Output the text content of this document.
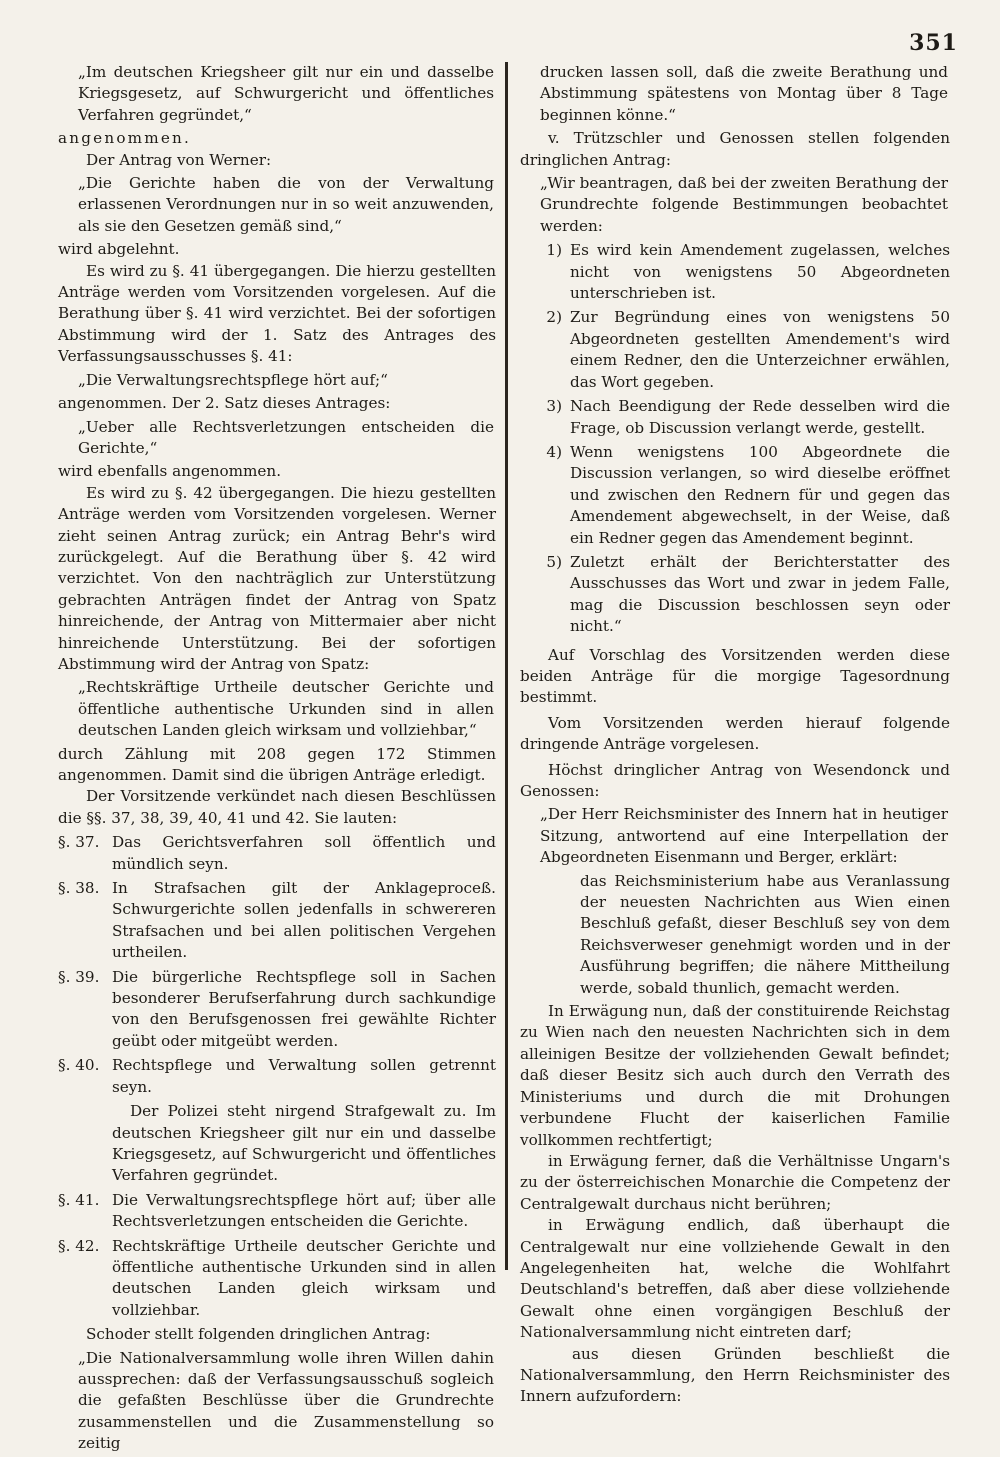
351

„Im deutschen Kriegsheer gilt nur ein und dasselbe Kriegsgesetz, auf Schwurgericht und öffentliches Verfahren gegründet,“

angenommen.

Der Antrag von Werner:

„Die Gerichte haben die von der Verwaltung erlassenen Verordnungen nur in so weit anzuwenden, als sie den Gesetzen gemäß sind,“

wird abgelehnt.

Es wird zu §. 41 übergegangen. Die hierzu gestellten Anträge werden vom Vorsitzenden vorgelesen. Auf die Berathung über §. 41 wird verzichtet. Bei der sofortigen Abstimmung wird der 1. Satz des Antrages des Verfassungsausschusses §. 41:

„Die Verwaltungsrechtspflege hört auf;“

angenommen. Der 2. Satz dieses Antrages:

„Ueber alle Rechtsverletzungen entscheiden die Gerichte,“

wird ebenfalls angenommen.

Es wird zu §. 42 übergegangen. Die hiezu gestellten Anträge werden vom Vorsitzenden vorgelesen. Werner zieht seinen Antrag zurück; ein Antrag Behr's wird zurückgelegt. Auf die Berathung über §. 42 wird verzichtet. Von den nachträglich zur Unterstützung gebrachten Anträgen findet der Antrag von Spatz hinreichende, der Antrag von Mittermaier aber nicht hinreichende Unterstützung. Bei der sofortigen Abstimmung wird der Antrag von Spatz:

„Rechtskräftige Urtheile deutscher Gerichte und öffentliche authentische Urkunden sind in allen deutschen Landen gleich wirksam und vollziehbar,“

durch Zählung mit 208 gegen 172 Stimmen angenommen. Damit sind die übrigen Anträge erledigt.

Der Vorsitzende verkündet nach diesen Beschlüssen die §§. 37, 38, 39, 40, 41 und 42. Sie lauten:

§. 37. Das Gerichtsverfahren soll öffentlich und mündlich seyn.
§. 38. In Strafsachen gilt der Anklageproceß. Schwurgerichte sollen jedenfalls in schwereren Strafsachen und bei allen politischen Vergehen urtheilen.
§. 39. Die bürgerliche Rechtspflege soll in Sachen besonderer Berufserfahrung durch sachkundige von den Berufsgenossen frei gewählte Richter geübt oder mitgeübt werden.
§. 40. Rechtspflege und Verwaltung sollen getrennt seyn.

Der Polizei steht nirgend Strafgewalt zu. Im deutschen Kriegsheer gilt nur ein und dasselbe Kriegsgesetz, auf Schwurgericht und öffentliches Verfahren gegründet.

§. 41. Die Verwaltungsrechtspflege hört auf; über alle Rechtsverletzungen entscheiden die Gerichte.
§. 42. Rechtskräftige Urtheile deutscher Gerichte und öffentliche authentische Urkunden sind in allen deutschen Landen gleich wirksam und vollziehbar.

Schoder stellt folgenden dringlichen Antrag:

„Die Nationalversammlung wolle ihren Willen dahin aussprechen: daß der Verfassungsausschuß sogleich die gefaßten Beschlüsse über die Grundrechte zusammenstellen und die Zusammenstellung so zeitig

drucken lassen soll, daß die zweite Berathung und Abstimmung spätestens von Montag über 8 Tage beginnen könne.“

v. Trützschler und Genossen stellen folgenden dringlichen Antrag:

„Wir beantragen, daß bei der zweiten Berathung der Grundrechte folgende Bestimmungen beobachtet werden:

1) Es wird kein Amendement zugelassen, welches nicht von wenigstens 50 Abgeordneten unterschrieben ist.
2) Zur Begründung eines von wenigstens 50 Abgeordneten gestellten Amendement's wird einem Redner, den die Unterzeichner erwählen, das Wort gegeben.
3) Nach Beendigung der Rede desselben wird die Frage, ob Discussion verlangt werde, gestellt.
4) Wenn wenigstens 100 Abgeordnete die Discussion verlangen, so wird dieselbe eröffnet und zwischen den Rednern für und gegen das Amendement abgewechselt, in der Weise, daß ein Redner gegen das Amendement beginnt.
5) Zuletzt erhält der Berichterstatter des Ausschusses das Wort und zwar in jedem Falle, mag die Discussion beschlossen seyn oder nicht.“

Auf Vorschlag des Vorsitzenden werden diese beiden Anträge für die morgige Tagesordnung bestimmt.

Vom Vorsitzenden werden hierauf folgende dringende Anträge vorgelesen.

Höchst dringlicher Antrag von Wesendonck und Genossen:

„Der Herr Reichsminister des Innern hat in heutiger Sitzung, antwortend auf eine Interpellation der Abgeordneten Eisenmann und Berger, erklärt:

das Reichsministerium habe aus Veranlassung der neuesten Nachrichten aus Wien einen Beschluß gefaßt, dieser Beschluß sey von dem Reichsverweser genehmigt worden und in der Ausführung begriffen; die nähere Mittheilung werde, sobald thunlich, gemacht werden.

In Erwägung nun, daß der constituirende Reichstag zu Wien nach den neuesten Nachrichten sich in dem alleinigen Besitze der vollziehenden Gewalt befindet; daß dieser Besitz sich auch durch den Verrath des Ministeriums und durch die mit Drohungen verbundene Flucht der kaiserlichen Familie vollkommen rechtfertigt;

in Erwägung ferner, daß die Verhältnisse Ungarn's zu der österreichischen Monarchie die Competenz der Centralgewalt durchaus nicht berühren;

in Erwägung endlich, daß überhaupt die Centralgewalt nur eine vollziehende Gewalt in den Angelegenheiten hat, welche die Wohlfahrt Deutschland's betreffen, daß aber diese vollziehende Gewalt ohne einen vorgängigen Beschluß der Nationalversammlung nicht eintreten darf;

aus diesen Gründen beschließt die Nationalversammlung, den Herrn Reichsminister des Innern aufzufordern:
